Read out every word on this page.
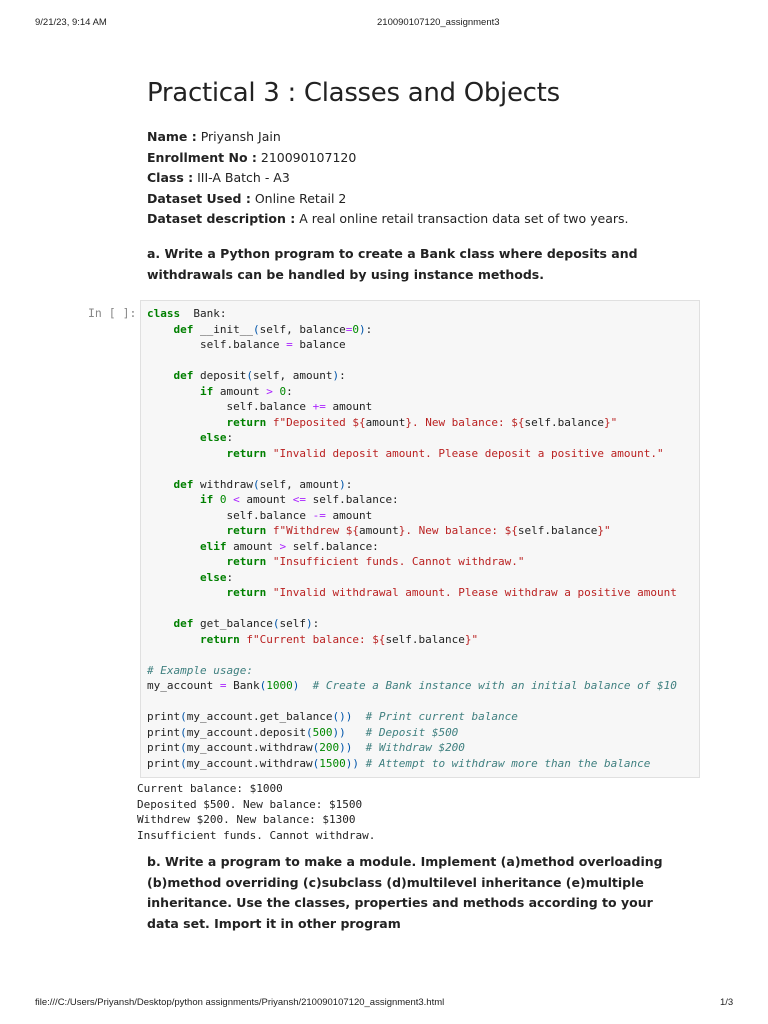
9/21/23, 9:14 AM	210090107120_assignment3
Practical 3 : Classes and Objects
Name : Priyansh Jain
Enrollment No : 210090107120
Class : III-A Batch - A3
Dataset Used : Online Retail 2
Dataset description : A real online retail transaction data set of two years.
a. Write a Python program to create a Bank class where deposits and withdrawals can be handled by using instance methods.
In [ ]: class  Bank:
def __init__(self, balance=0):
self.balance = balance
def deposit(self, amount):
if amount > 0:
self.balance += amount
return f"Deposited ${amount}. New balance: ${self.balance}"
else:
return "Invalid deposit amount. Please deposit a positive amount."
def withdraw(self, amount):
if 0 < amount <= self.balance:
self.balance -= amount
return f"Withdrew ${amount}. New balance: ${self.balance}"
elif amount > self.balance:
return "Insufficient funds. Cannot withdraw."
else:
return "Invalid withdrawal amount. Please withdraw a positive amount
def get_balance(self):
return f"Current balance: ${self.balance}"
# Example usage:
my_account = Bank(1000) # Create a Bank instance with an initial balance of $10
print(my_account.get_balance()) # Print current balance
print(my_account.deposit(500)) # Deposit $500
print(my_account.withdraw(200)) # Withdraw $200
print(my_account.withdraw(1500)) # Attempt to withdraw more than the balance
Current balance: $1000
Deposited $500. New balance: $1500
Withdrew $200. New balance: $1300
Insufficient funds. Cannot withdraw.
b. Write a program to make a module. Implement (a)method overloading (b)method overriding (c)subclass (d)multilevel inheritance (e)multiple inheritance. Use the classes, properties and methods according to your data set. Import it in other program
file:///C:/Users/Priyansh/Desktop/python assignments/Priyansh/210090107120_assignment3.html	1/3
